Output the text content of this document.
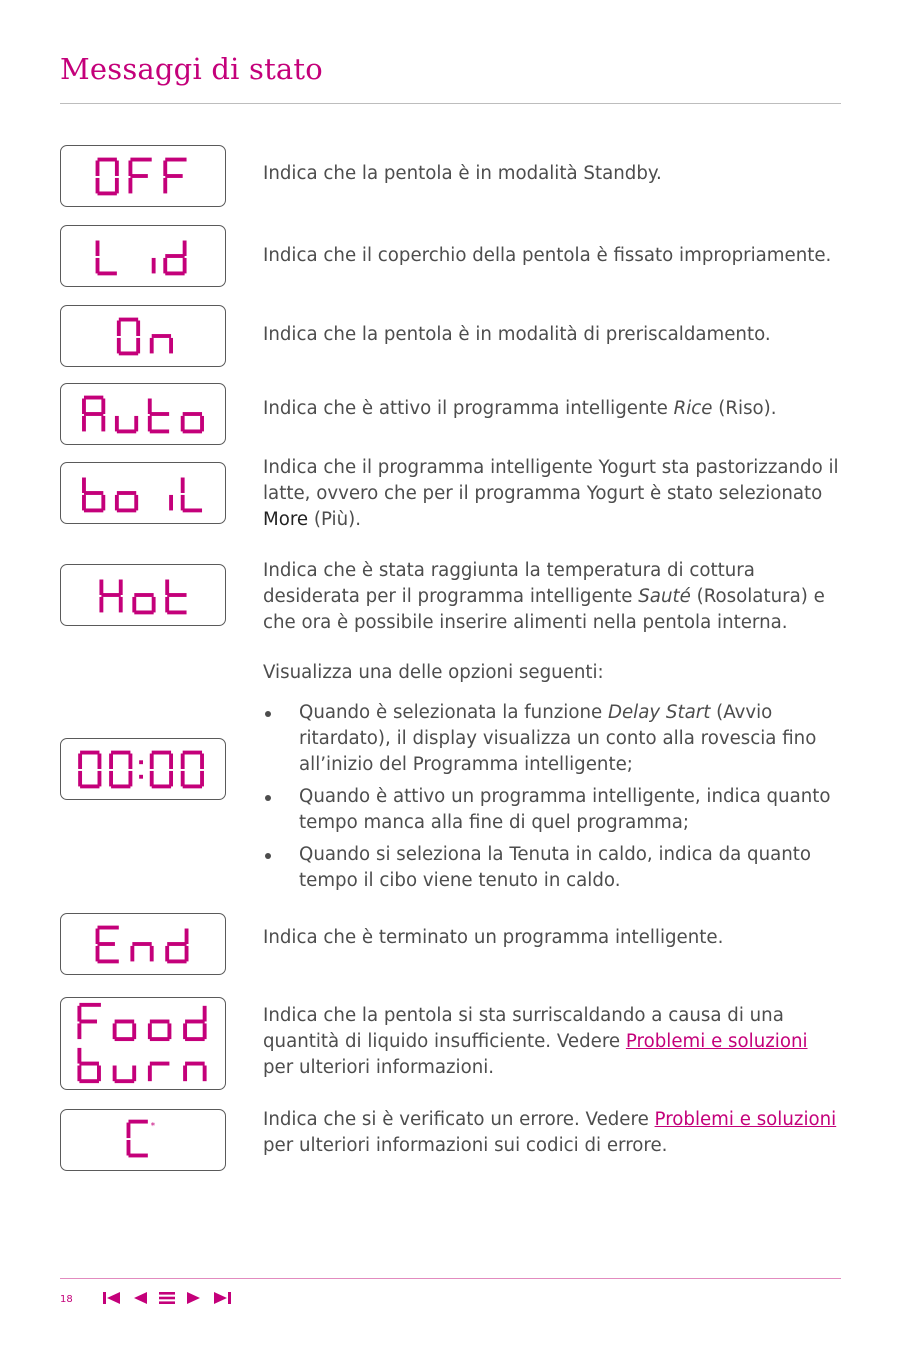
Messaggi di stato

Indica che la pentola è in modalità Standby.

Indica che il coperchio della pentola è fissato impropriamente.

Indica che la pentola è in modalità di preriscaldamento.

Indica che è attivo il programma intelligente Rice (Riso).

Indica che il programma intelligente Yogurt sta pastorizzando il latte, ovvero che per il programma Yogurt è stato selezionato More (Più).

Indica che è stata raggiunta la temperatura di cottura desiderata per il programma intelligente Sauté (Rosolatura) e che ora è possibile inserire alimenti nella pentola interna.

Visualizza una delle opzioni seguenti:

Quando è selezionata la funzione Delay Start (Avvio ritardato), il display visualizza un conto alla rovescia fino all’inizio del Programma intelligente;
Quando è attivo un programma intelligente, indica quanto tempo manca alla fine di quel programma;
Quando si seleziona la Tenuta in caldo, indica da quanto tempo il cibo viene tenuto in caldo.

Indica che è terminato un programma intelligente.

Indica che la pentola si sta surriscaldando a causa di una quantità di liquido insufficiente. Vedere Problemi e soluzioni per ulteriori informazioni.

*	Indica che si è verificato un errore. Vedere Problemi e soluzioni per ulteriori informazioni sui codici di errore.

18
